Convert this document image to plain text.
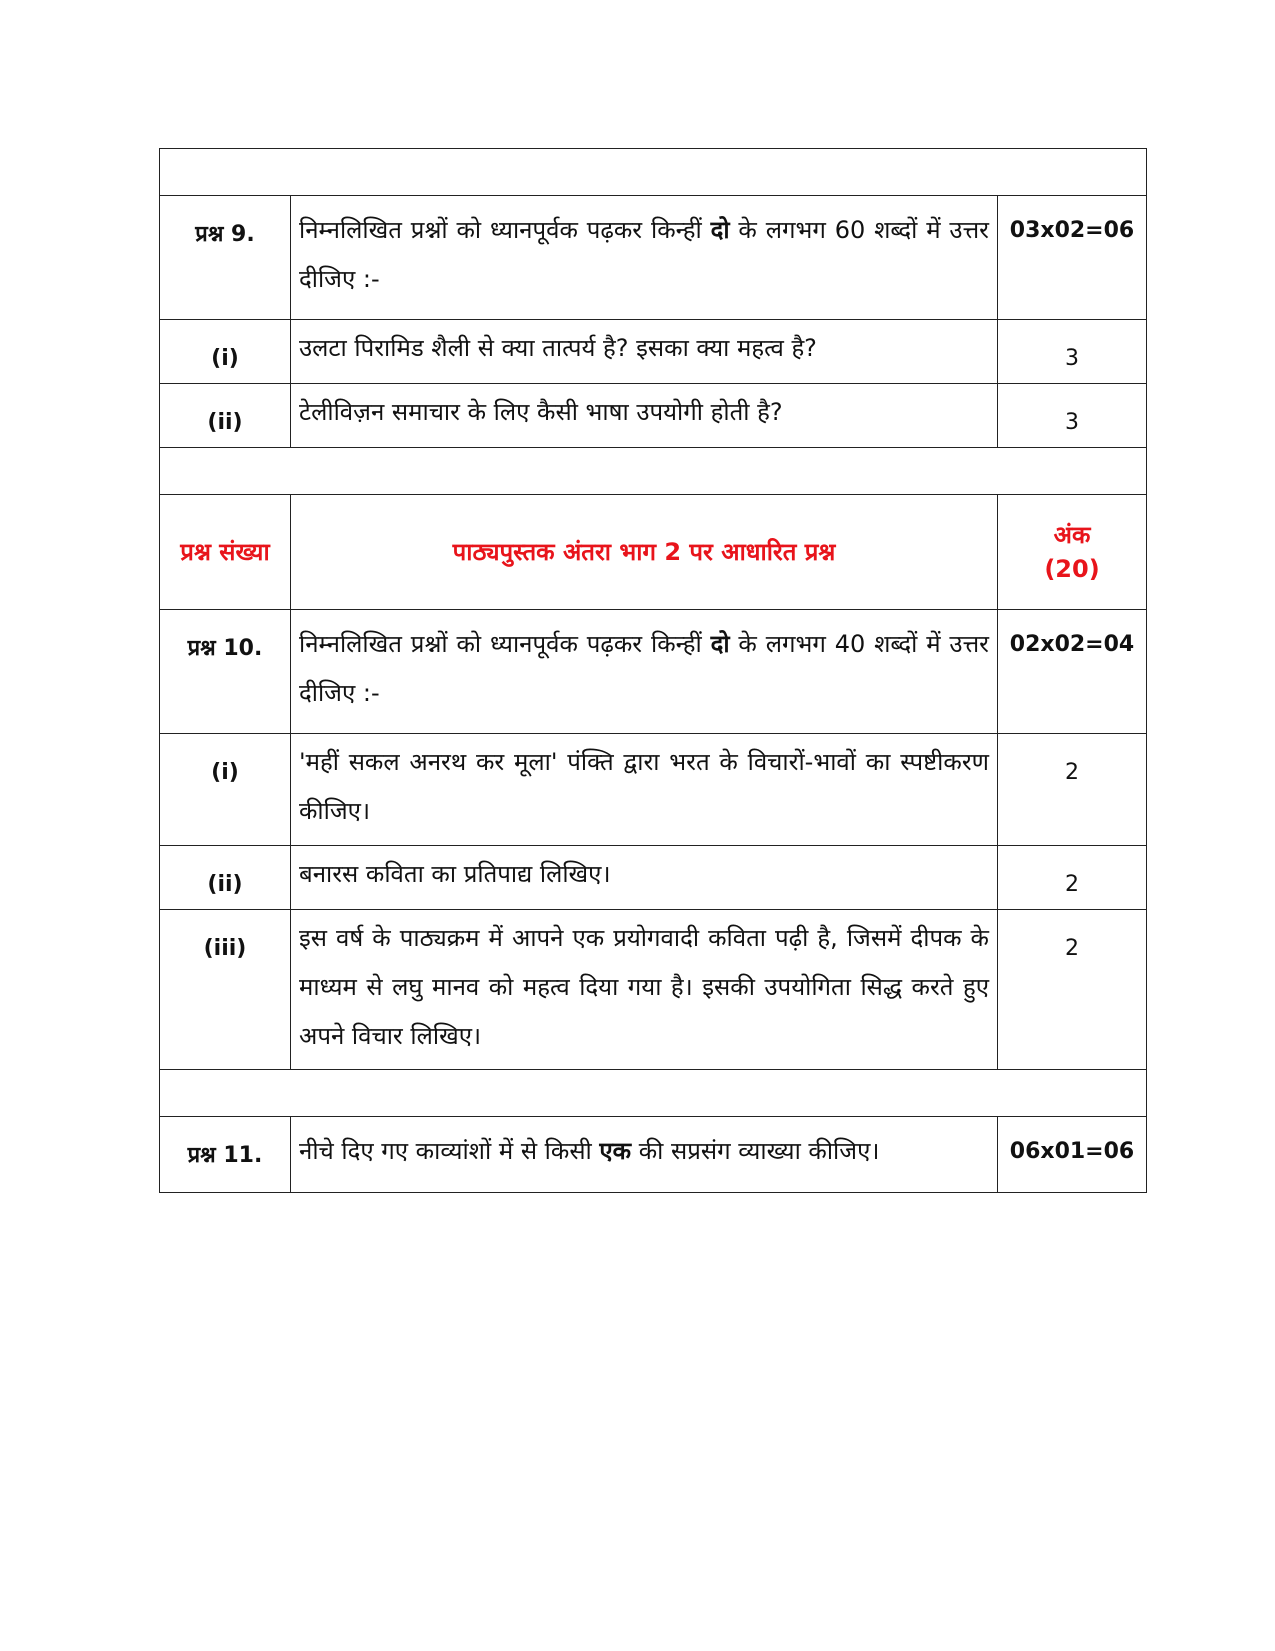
प्रश्न 9.	निम्नलिखित प्रश्नों को ध्यानपूर्वक पढ़कर किन्हीं दो के लगभग 60 शब्दों में उत्तर दीजिए :-	03x02=06
(i)	उलटा पिरामिड शैली से क्या तात्पर्य है? इसका क्या महत्व है?	3
(ii)	टेलीविज़न समाचार के लिए कैसी भाषा उपयोगी होती है?	3

प्रश्न संख्या	पाठ्यपुस्तक अंतरा भाग 2 पर आधारित प्रश्न	अंक
(20)

प्रश्न 10.	निम्नलिखित प्रश्नों को ध्यानपूर्वक पढ़कर किन्हीं दो के लगभग 40 शब्दों में उत्तर दीजिए :-	02x02=04
(i)	'महीं सकल अनरथ कर मूला' पंक्ति द्वारा भरत के विचारों-भावों का स्पष्टीकरण कीजिए।	2
(ii)	बनारस कविता का प्रतिपाद्य लिखिए।	2
(iii)	इस वर्ष के पाठ्यक्रम में आपने एक प्रयोगवादी कविता पढ़ी है, जिसमें दीपक के माध्यम से लघु मानव को महत्व दिया गया है। इसकी उपयोगिता सिद्ध करते हुए अपने विचार लिखिए।	2

प्रश्न 11.	नीचे दिए गए काव्यांशों में से किसी एक की सप्रसंग व्याख्या कीजिए।	06x01=06
